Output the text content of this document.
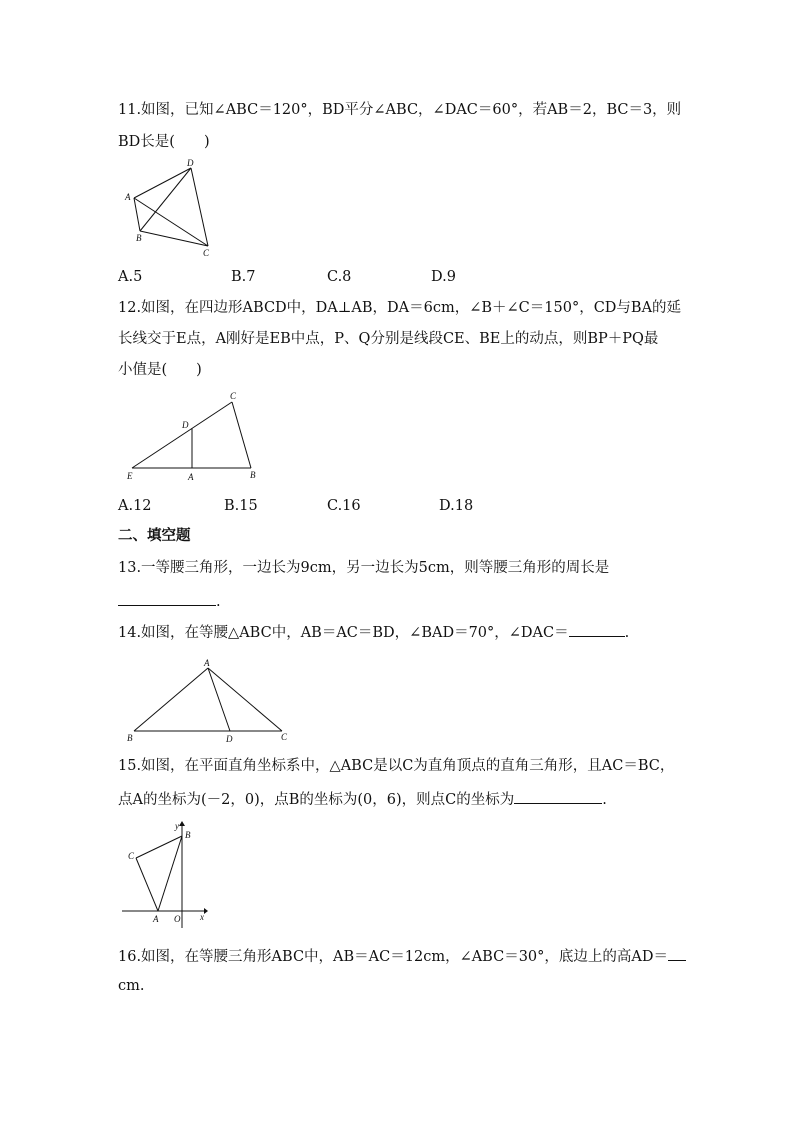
11.如图，已知∠ABC＝120°，BD平分∠ABC，∠DAC＝60°，若AB＝2，BC＝3，则
BD长是(　　)
D
A
B
C
A.5	B.7	C.8	D.9
12.如图，在四边形ABCD中，DA⊥AB，DA＝6cm，∠B＋∠C＝150°，CD与BA的延
长线交于E点，A刚好是EB中点，P、Q分别是线段CE、BE上的动点，则BP＋PQ最
小值是(　　)
C
D
E	A	B
A.12	B.15	C.16	D.18
二、填空题
13.一等腰三角形，一边长为9cm，另一边长为5cm，则等腰三角形的周长是
.
14.如图，在等腰△ABC中，AB＝AC＝BD，∠BAD＝70°，∠DAC＝	.
A
B	D	C
15.如图，在平面直角坐标系中，△ABC是以C为直角顶点的直角三角形，且AC＝BC，
点A的坐标为(－2，0)，点B的坐标为(0，6)，则点C的坐标为	.
y
B
C
A O x
16.如图，在等腰三角形ABC中，AB＝AC＝12cm，∠ABC＝30°，底边上的高AD＝
cm.
